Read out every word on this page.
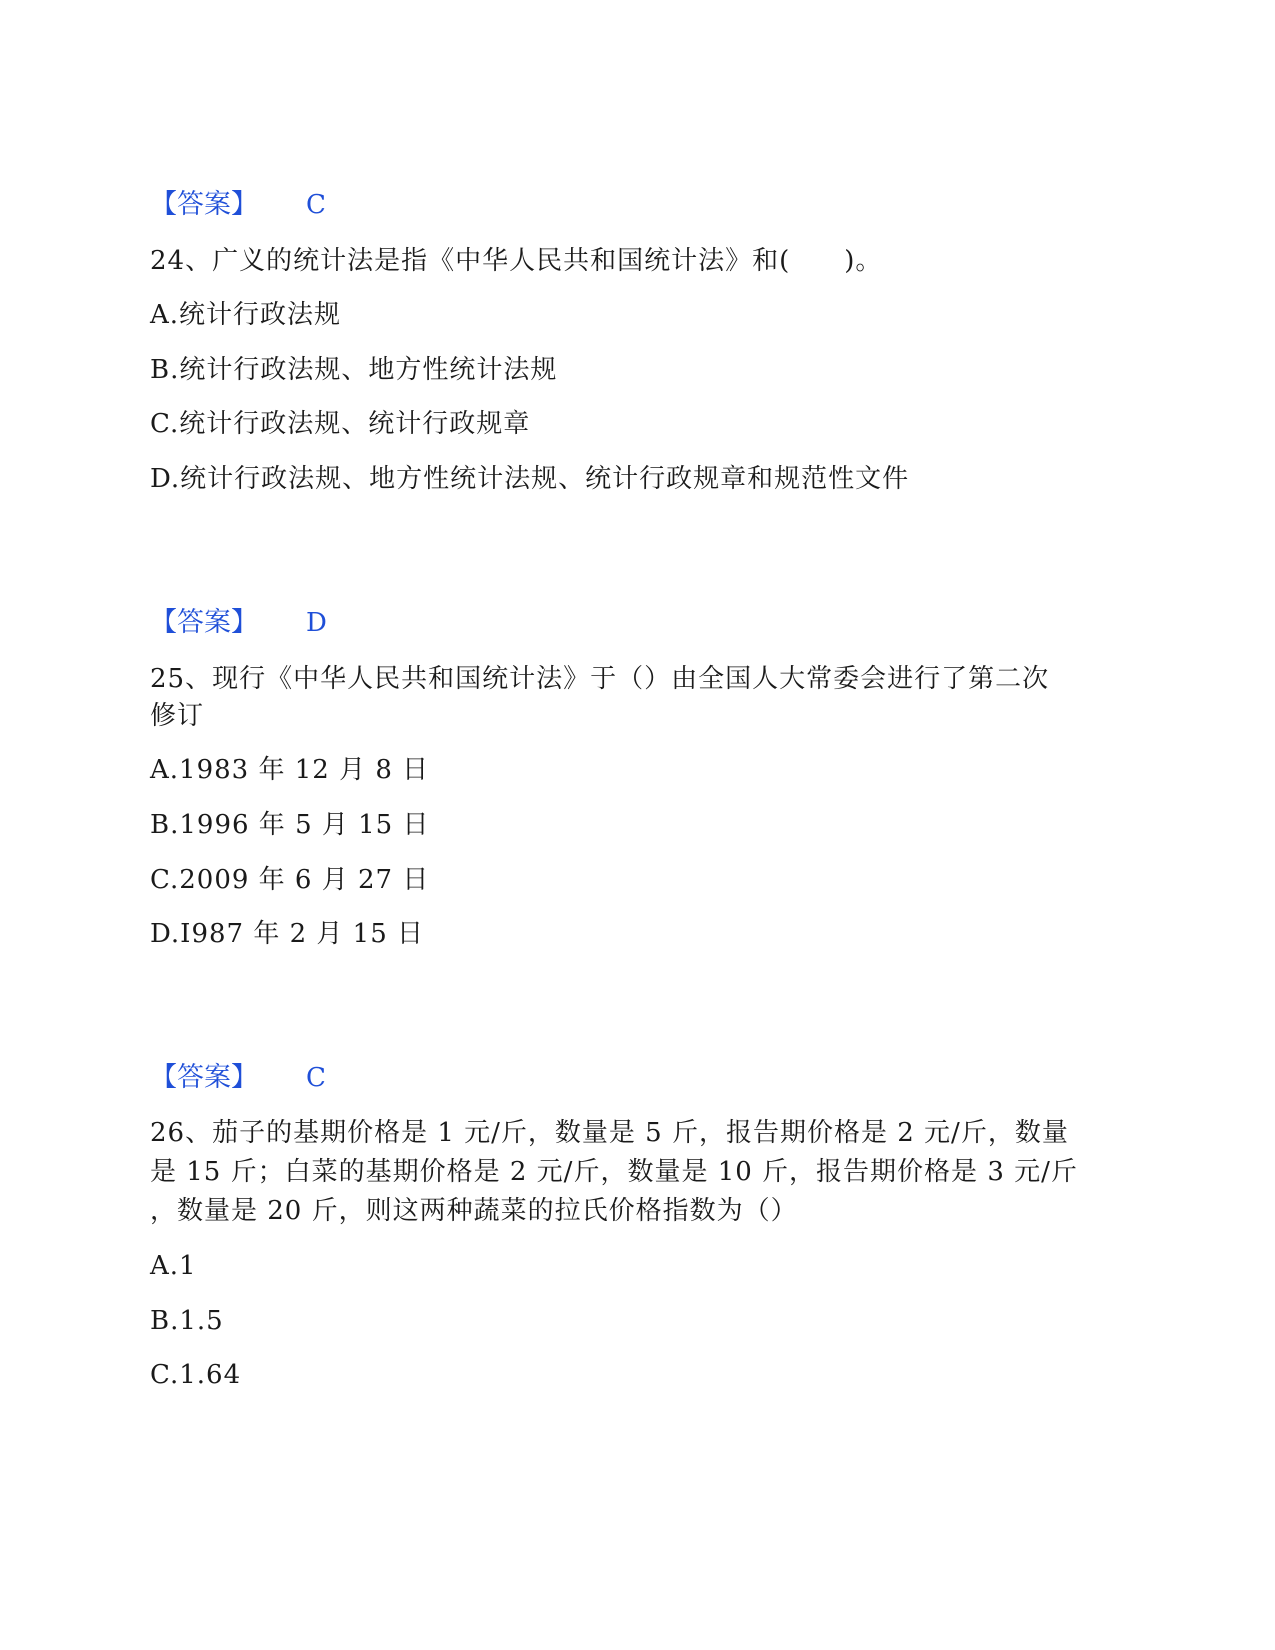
【答案】 C
24、广义的统计法是指《中华人民共和国统计法》和(　　)。
A.统计行政法规
B.统计行政法规、地方性统计法规
C.统计行政法规、统计行政规章
D.统计行政法规、地方性统计法规、统计行政规章和规范性文件
【答案】 D
25、现行《中华人民共和国统计法》于（）由全国人大常委会进行了第二次
修订
A.1983 年 12 月 8 日
B.1996 年 5 月 15 日
C.2009 年 6 月 27 日
D.I987 年 2 月 15 日
【答案】 C
26、茄子的基期价格是 1 元/斤，数量是 5 斤，报告期价格是 2 元/斤，数量
是 15 斤；白菜的基期价格是 2 元/斤，数量是 10 斤，报告期价格是 3 元/斤
，数量是 20 斤，则这两种蔬菜的拉氏价格指数为（）
A.1
B.1.5
C.1.64
